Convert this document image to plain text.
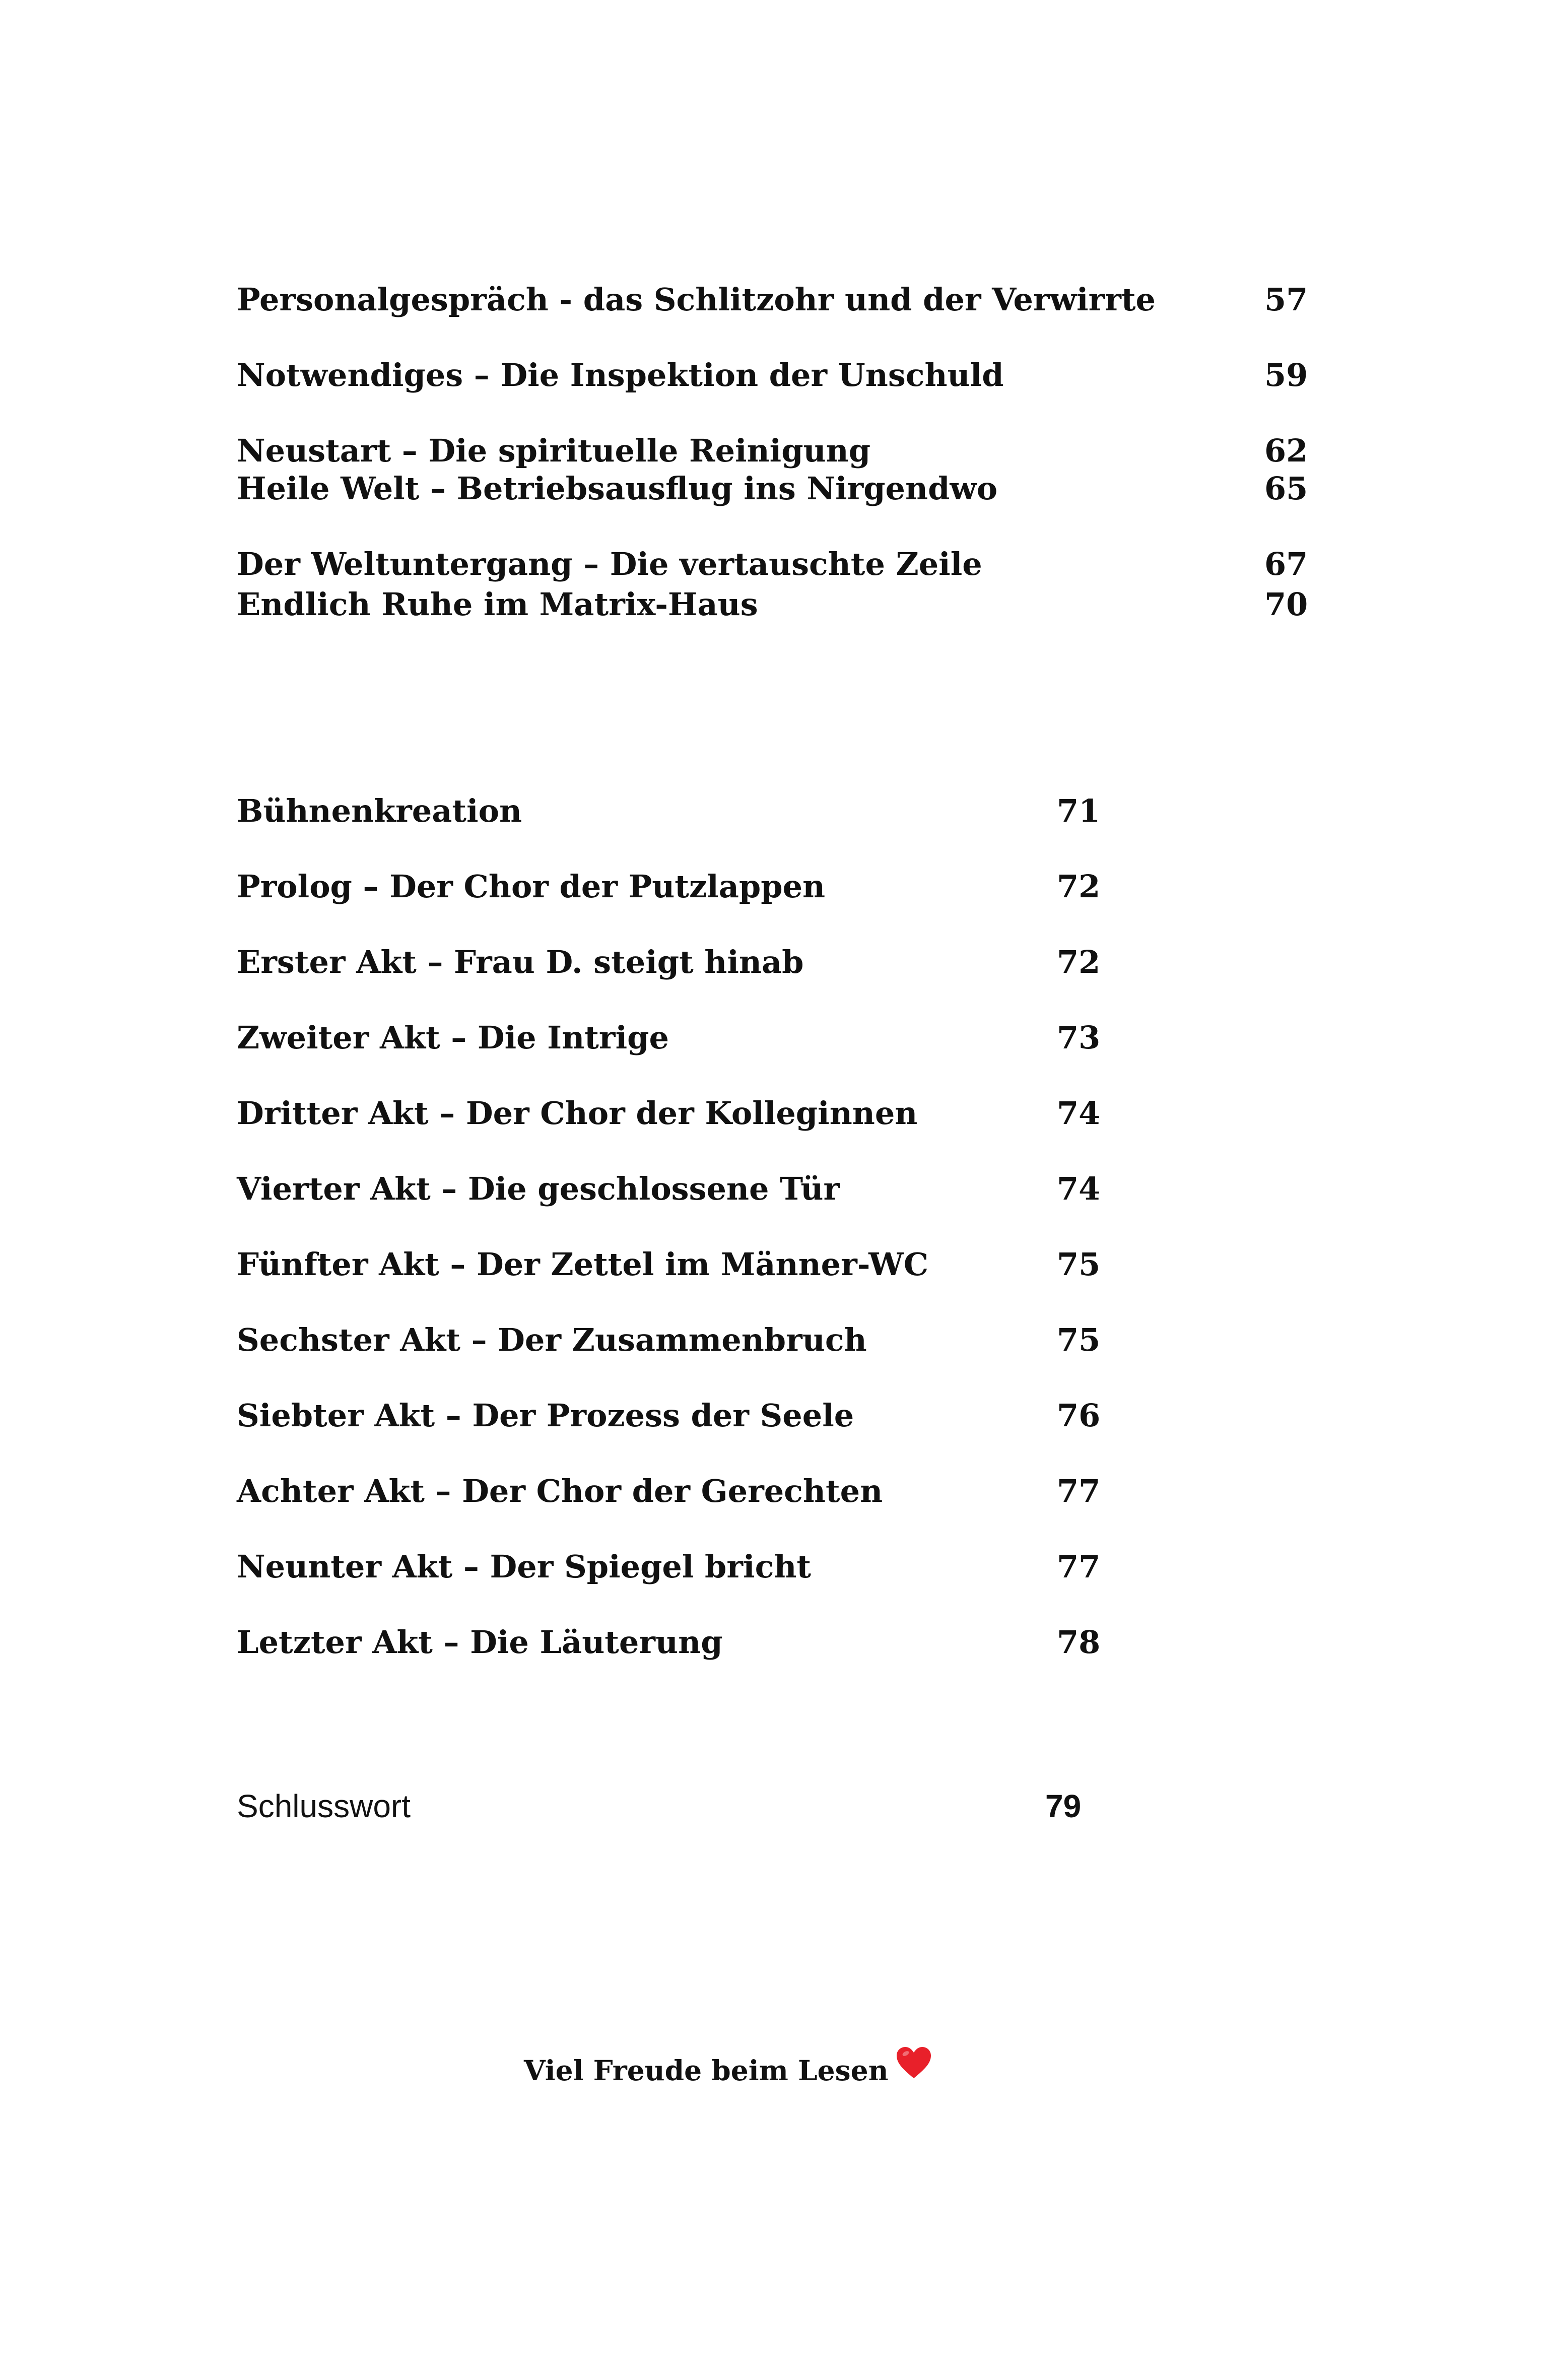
Personalgespräch - das Schlitzohr und der Verwirrte	57
Notwendiges – Die Inspektion der Unschuld	59
Neustart – Die spirituelle Reinigung	62
Heile Welt – Betriebsausflug ins Nirgendwo	65
Der Weltuntergang – Die vertauschte Zeile	67
Endlich Ruhe im Matrix-Haus	70
Bühnenkreation	71
Prolog – Der Chor der Putzlappen	72
Erster Akt – Frau D. steigt hinab	72
Zweiter Akt – Die Intrige	73
Dritter Akt – Der Chor der Kolleginnen	74
Vierter Akt – Die geschlossene Tür	74
Fünfter Akt – Der Zettel im Männer-WC	75
Sechster Akt – Der Zusammenbruch	75
Siebter Akt – Der Prozess der Seele	76
Achter Akt – Der Chor der Gerechten	77
Neunter Akt – Der Spiegel bricht	77
Letzter Akt – Die Läuterung	78
Schlusswort	79
Viel Freude beim Lesen
